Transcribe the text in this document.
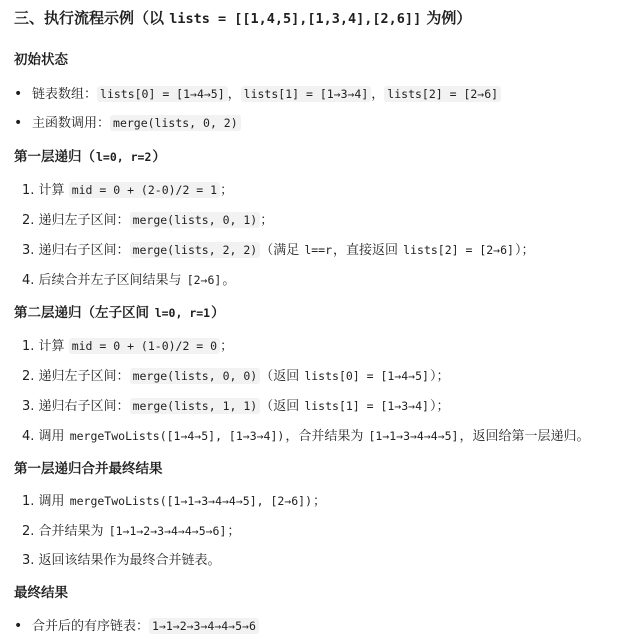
三、执行流程示例（以 lists = [[1,4,5],[1,3,4],[2,6]] 为例）
初始状态
• 链表数组： lists[0] = [1→4→5] ， lists[1] = [1→3→4] ， lists[2] = [2→6]
• 主函数调用： merge(lists, 0, 2)
第一层递归（l=0, r=2）
1. 计算 mid = 0 + (2-0)/2 = 1 ；
2. 递归左子区间： merge(lists, 0, 1) ；
3. 递归右子区间： merge(lists, 2, 2) （满足 l==r，直接返回 lists[2] = [2→6]）；
4. 后续合并左子区间结果与 [2→6]。
第二层递归（左子区间 l=0, r=1）
1. 计算 mid = 0 + (1-0)/2 = 0 ；
2. 递归左子区间： merge(lists, 0, 0) （返回 lists[0] = [1→4→5]）；
3. 递归右子区间： merge(lists, 1, 1) （返回 lists[1] = [1→3→4]）；
4. 调用 mergeTwoLists([1→4→5], [1→3→4])，合并结果为 [1→1→3→4→4→5]，返回给第一层递归。
第一层递归合并最终结果
1. 调用 mergeTwoLists([1→1→3→4→4→5], [2→6])；
2. 合并结果为 [1→1→2→3→4→4→5→6]；
3. 返回该结果作为最终合并链表。
最终结果
• 合并后的有序链表： 1→1→2→3→4→4→5→6
